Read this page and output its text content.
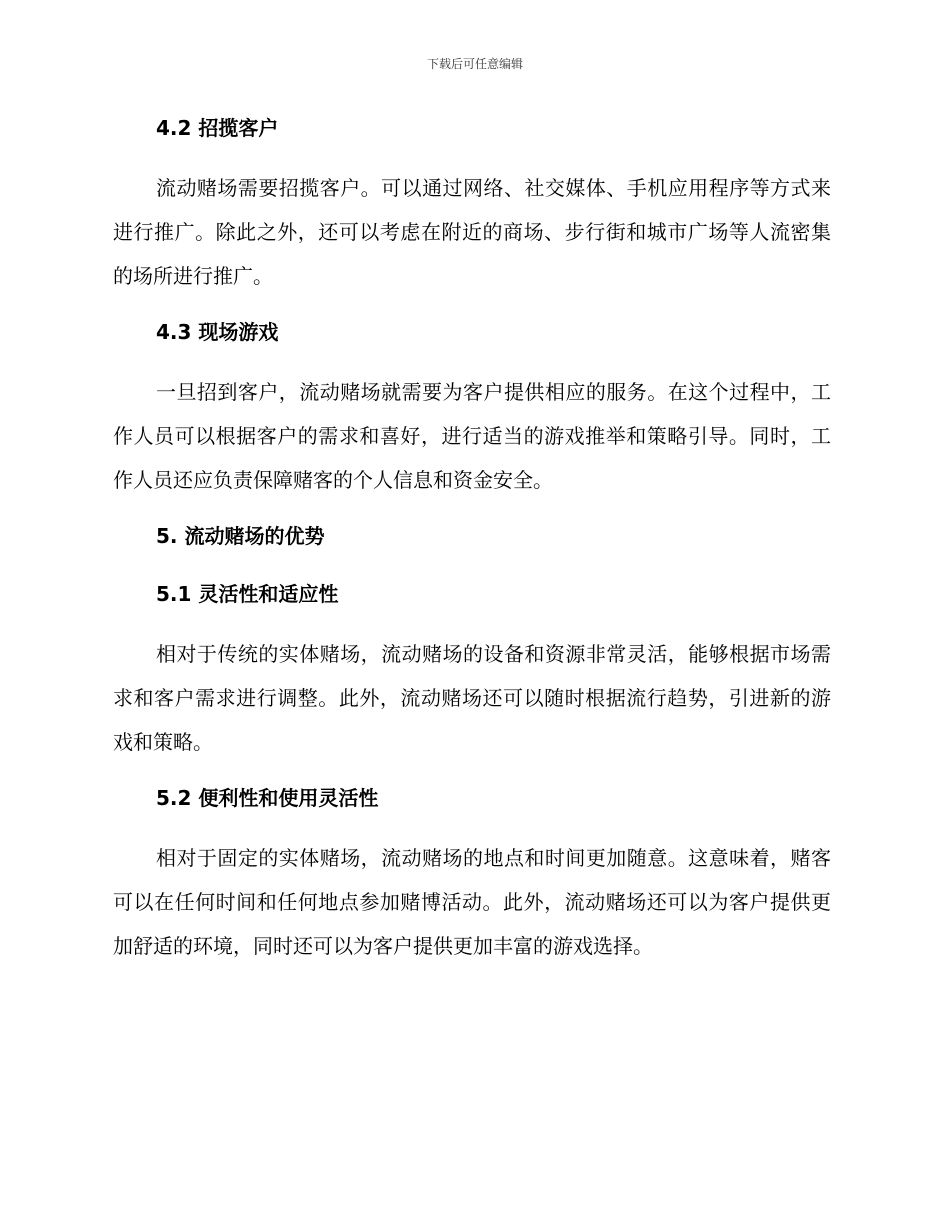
下载后可任意编辑
4.2 招揽客户

流动赌场需要招揽客户。可以通过网络、社交媒体、手机应用程序等方式来进行推广。除此之外，还可以考虑在附近的商场、步行街和城市广场等人流密集的场所进行推广。

4.3 现场游戏

一旦招到客户，流动赌场就需要为客户提供相应的服务。在这个过程中，工作人员可以根据客户的需求和喜好，进行适当的游戏推举和策略引导。同时，工作人员还应负责保障赌客的个人信息和资金安全。

5. 流动赌场的优势
5.1 灵活性和适应性

相对于传统的实体赌场，流动赌场的设备和资源非常灵活，能够根据市场需求和客户需求进行调整。此外，流动赌场还可以随时根据流行趋势，引进新的游戏和策略。

5.2 便利性和使用灵活性

相对于固定的实体赌场，流动赌场的地点和时间更加随意。这意味着，赌客可以在任何时间和任何地点参加赌博活动。此外，流动赌场还可以为客户提供更加舒适的环境，同时还可以为客户提供更加丰富的游戏选择。
